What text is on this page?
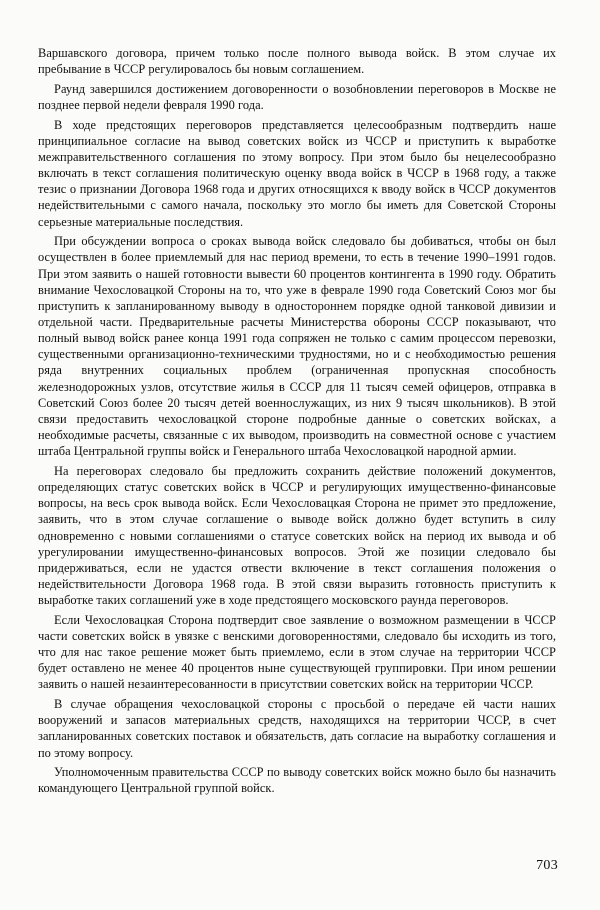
Варшавского договора, причем только после полного вывода войск. В этом случае их пребывание в ЧССР регулировалось бы новым соглашением.

Раунд завершился достижением договоренности о возобновлении переговоров в Москве не позднее первой недели февраля 1990 года.

В ходе предстоящих переговоров представляется целесообразным подтвердить наше принципиальное согласие на вывод советских войск из ЧССР и приступить к выработке межправительственного соглашения по этому вопросу. При этом было бы нецелесообразно включать в текст соглашения политическую оценку ввода войск в ЧССР в 1968 году, а также тезис о признании Договора 1968 года и других относящихся к вводу войск в ЧССР документов недействительными с самого начала, поскольку это могло бы иметь для Советской Стороны серьезные материальные последствия.

При обсуждении вопроса о сроках вывода войск следовало бы добиваться, чтобы он был осуществлен в более приемлемый для нас период времени, то есть в течение 1990–1991 годов. При этом заявить о нашей готовности вывести 60 процентов контингента в 1990 году. Обратить внимание Чехословацкой Стороны на то, что уже в феврале 1990 года Советский Союз мог бы приступить к запланированному выводу в одностороннем порядке одной танковой дивизии и отдельной части. Предварительные расчеты Министерства обороны СССР показывают, что полный вывод войск ранее конца 1991 года сопряжен не только с самим процессом перевозки, существенными организационно-техническими трудностями, но и с необходимостью решения ряда внутренних социальных проблем (ограниченная пропускная способность железнодорожных узлов, отсутствие жилья в СССР для 11 тысяч семей офицеров, отправка в Советский Союз более 20 тысяч детей военнослужащих, из них 9 тысяч школьников). В этой связи предоставить чехословацкой стороне подробные данные о советских войсках, а необходимые расчеты, связанные с их выводом, производить на совместной основе с участием штаба Центральной группы войск и Генерального штаба Чехословацкой народной армии.

На переговорах следовало бы предложить сохранить действие положений документов, определяющих статус советских войск в ЧССР и регулирующих имущественно-финансовые вопросы, на весь срок вывода войск. Если Чехословацкая Сторона не примет это предложение, заявить, что в этом случае соглашение о выводе войск должно будет вступить в силу одновременно с новыми соглашениями о статусе советских войск на период их вывода и об урегулировании имущественно-финансовых вопросов. Этой же позиции следовало бы придерживаться, если не удастся отвести включение в текст соглашения положения о недействительности Договора 1968 года. В этой связи выразить готовность приступить к выработке таких соглашений уже в ходе предстоящего московского раунда переговоров.

Если Чехословацкая Сторона подтвердит свое заявление о возможном размещении в ЧССР части советских войск в увязке с венскими договоренностями, следовало бы исходить из того, что для нас такое решение может быть приемлемо, если в этом случае на территории ЧССР будет оставлено не менее 40 процентов ныне существующей группировки. При ином решении заявить о нашей незаинтересованности в присутствии советских войск на территории ЧССР.

В случае обращения чехословацкой стороны с просьбой о передаче ей части наших вооружений и запасов материальных средств, находящихся на территории ЧССР, в счет запланированных советских поставок и обязательств, дать согласие на выработку соглашения и по этому вопросу.

Уполномоченным правительства СССР по выводу советских войск можно было бы назначить командующего Центральной группой войск.

703
